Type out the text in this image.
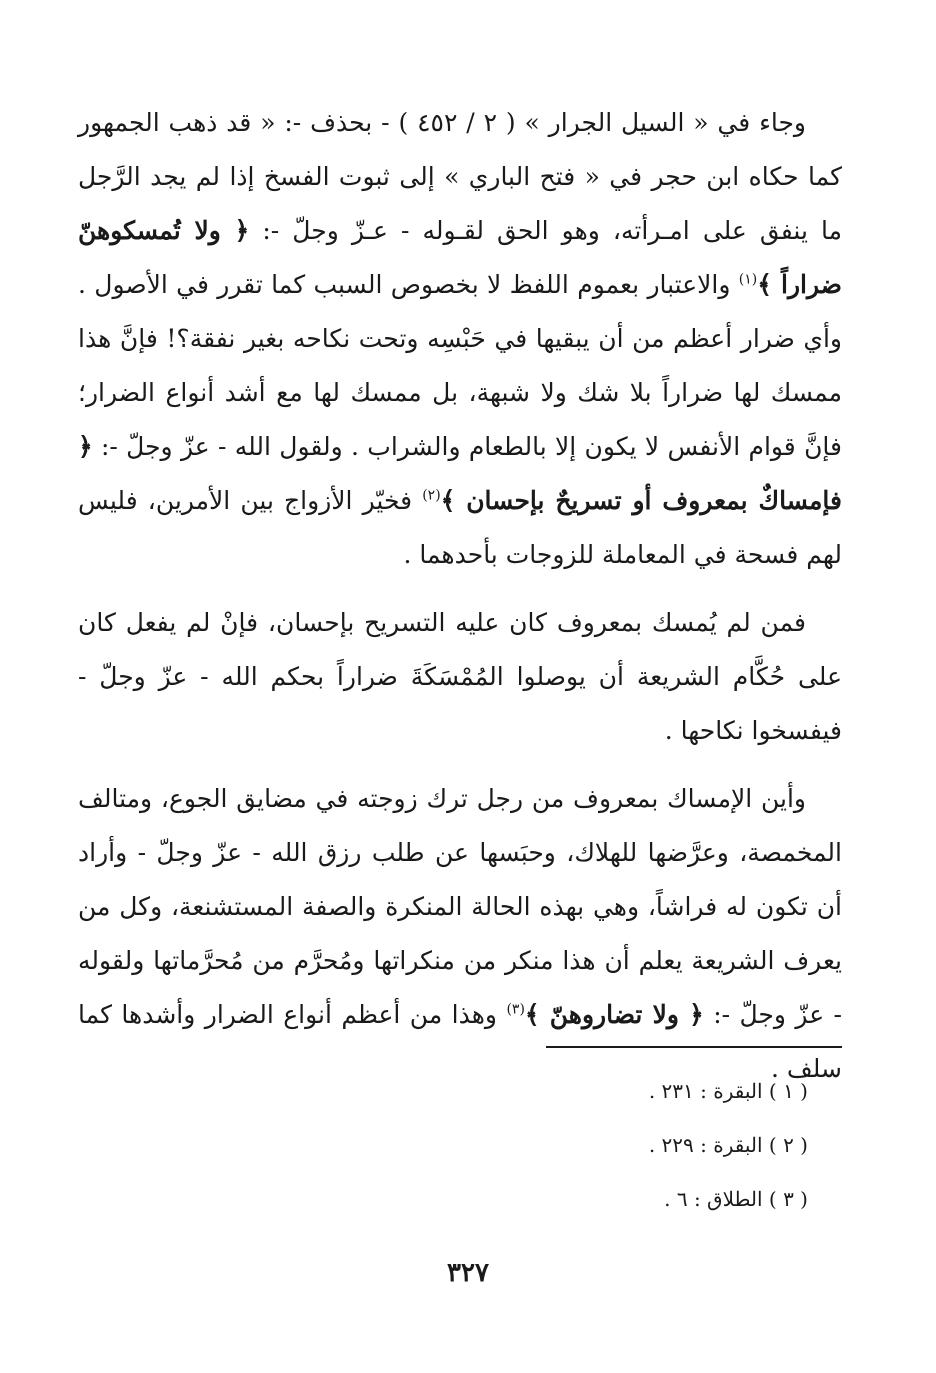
وجاء في « السيل الجرار » ( ٢ / ٤٥٢ ) - بحذف -: « قد ذهب الجمهور كما حكاه ابن حجر في « فتح الباري » إلى ثبوت الفسخ إذا لم يجد الرَّجل ما ينفق على امـرأته، وهو الحق لقـوله - عـزّ وجلّ -: ﴿ ولا تُمسكوهنّ ضراراً ﴾$^{(١)}$ والاعتبار بعموم اللفظ لا بخصوص السبب كما تقرر في الأصول . وأي ضرار أعظم من أن يبقيها في حَبْسِه وتحت نكاحه بغير نفقة؟! فإنَّ هذا ممسك لها ضراراً بلا شك ولا شبهة، بل ممسك لها مع أشد أنواع الضرار؛ فإنَّ قوام الأنفس لا يكون إلا بالطعام والشراب . ولقول الله - عزّ وجلّ -: ﴿ فإمساكٌ بمعروف أو تسريحٌ بإحسان ﴾$^{(٢)}$ فخيّر الأزواج بين الأمرين، فليس لهم فسحة في المعاملة للزوجات بأحدهما .

فمن لم يُمسك بمعروف كان عليه التسريح بإحسان، فإنْ لم يفعل كان على حُكَّام الشريعة أن يوصلوا المُمْسَكَةَ ضراراً بحكم الله - عزّ وجلّ - فيفسخوا نكاحها .

وأين الإمساك بمعروف من رجل ترك زوجته في مضايق الجوع، ومتالف المخمصة، وعرَّضها للهلاك، وحبَسها عن طلب رزق الله - عزّ وجلّ - وأراد أن تكون له فراشاً، وهي بهذه الحالة المنكرة والصفة المستشنعة، وكل من يعرف الشريعة يعلم أن هذا منكر من منكراتها ومُحرَّم من مُحرَّماتها ولقوله - عزّ وجلّ -: ﴿ ولا تضاروهنّ ﴾$^{(٣)}$ وهذا من أعظم أنواع الضرار وأشدها كما سلف .

( ١ ) البقرة : ٢٣١ .
( ٢ ) البقرة : ٢٢٩ .
( ٣ ) الطلاق : ٦ .
٣٢٧
